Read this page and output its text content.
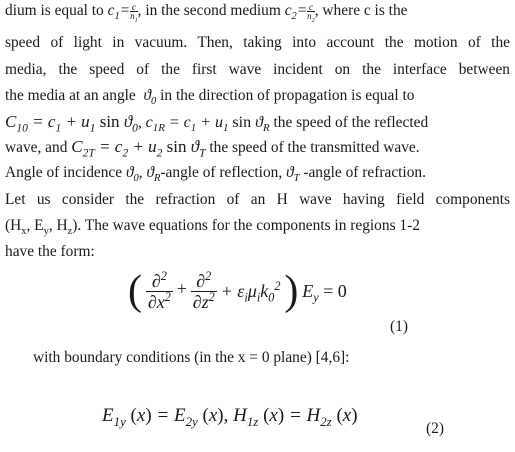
dium is equal to $c_1= \frac{c}{n_1}$ , in the second medium $c_2= \frac{c}{n_2}$ , where c is the
speed of light in vacuum. Then, taking into account the motion of the
media, the speed of the first wave incident on the interface between
the media at an angle  $ϑ_0$ in the direction of propagation is equal to
$C_{10} = c_1 + u_1$ $\sin ϑ_0$, $c_{1R} = c_1 + u_1$ $\sin ϑ_R$ the speed of the reflected
wave, and $C_{2T} = c_2 + u_2$ $\sin ϑ_T$ the speed of the transmitted wave.
Angle of incidence $ϑ_0$, $ϑ_R$-angle of reflection, $ϑ_T$ -angle of refraction.
Let us consider the refraction of an H wave having field components
($H_x$, $E_y$, $H_z$). The wave equations for the components in regions 1-2
have the form:
( $\frac{\partial^2}{\partial x^2} + \frac{\partial^2}{\partial z^2} + \varepsilon_i\mu_ik_0^2$ ) $E_y = 0$
(1)
with boundary conditions (in the x = 0 plane) [4,6]:
$E_{1y}$ $(x) = E_{2y}$ (x), $H_{1z}$ $(x) = H_{2z}$ (x)
(2)
